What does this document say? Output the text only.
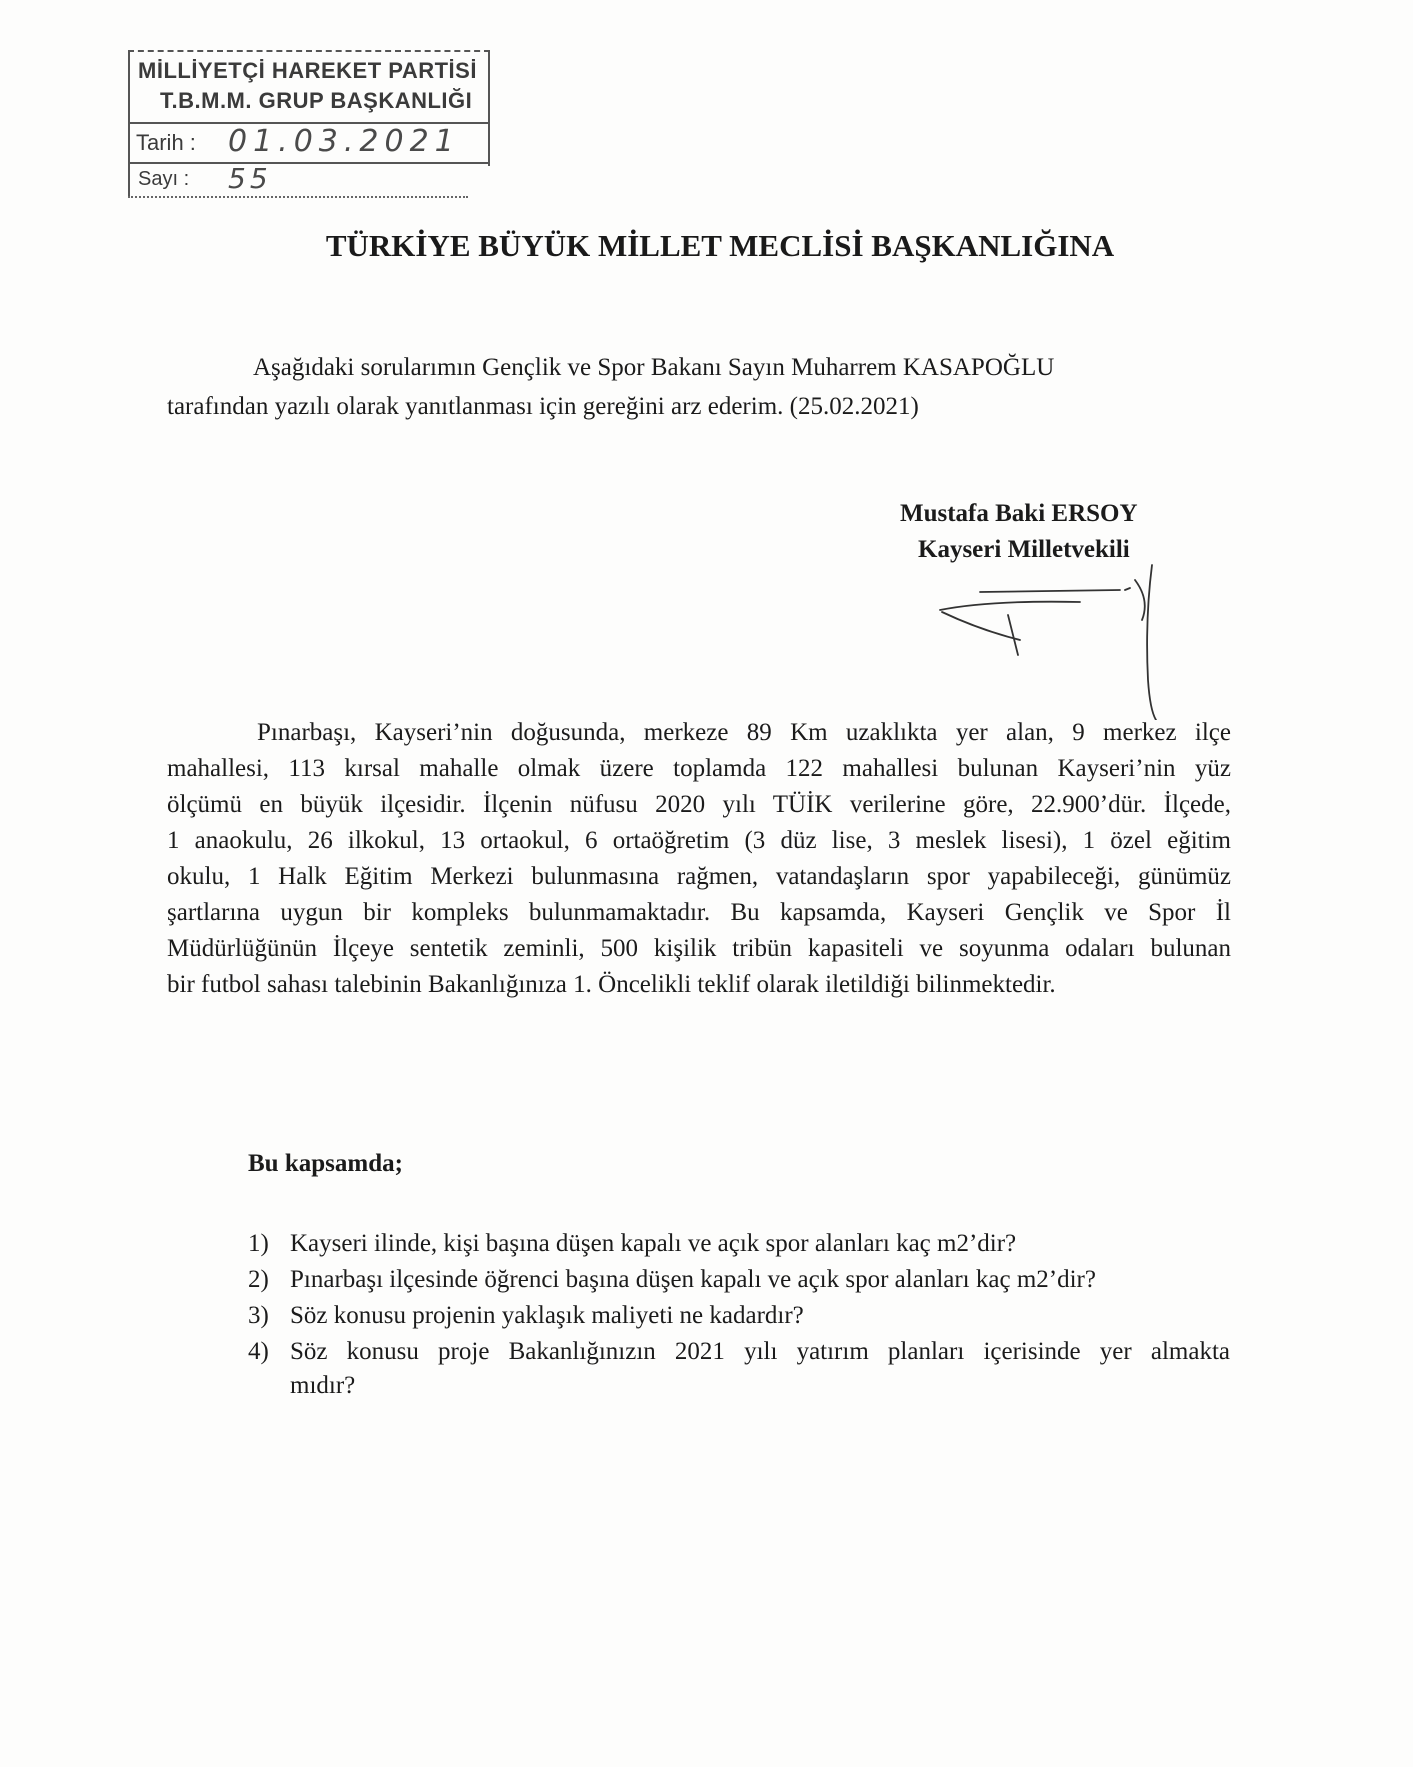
MİLLİYETÇİ HAREKET PARTİSİ
T.B.M.M. GRUP BAŞKANLIĞI
Tarih : 01.03.2021
Sayı : 55
TÜRKİYE BÜYÜK MİLLET MECLİSİ BAŞKANLIĞINA
Aşağıdaki sorularımın Gençlik ve Spor Bakanı Sayın Muharrem KASAPOĞLU
tarafından yazılı olarak yanıtlanması için gereğini arz ederim. (25.02.2021)
Mustafa Baki ERSOY
Kayseri Milletvekili
Pınarbaşı, Kayseri’nin doğusunda, merkeze 89 Km uzaklıkta yer alan, 9 merkez ilçe
mahallesi, 113 kırsal mahalle olmak üzere toplamda 122 mahallesi bulunan Kayseri’nin yüz
ölçümü en büyük ilçesidir. İlçenin nüfusu 2020 yılı TÜİK verilerine göre, 22.900’dür. İlçede,
1 anaokulu, 26 ilkokul, 13 ortaokul, 6 ortaöğretim (3 düz lise, 3 meslek lisesi), 1 özel eğitim
okulu, 1 Halk Eğitim Merkezi bulunmasına rağmen, vatandaşların spor yapabileceği, günümüz
şartlarına uygun bir kompleks bulunmamaktadır. Bu kapsamda, Kayseri Gençlik ve Spor İl
Müdürlüğünün İlçeye sentetik zeminli, 500 kişilik tribün kapasiteli ve soyunma odaları bulunan
bir futbol sahası talebinin Bakanlığınıza 1. Öncelikli teklif olarak iletildiği bilinmektedir.
Bu kapsamda;
1) Kayseri ilinde, kişi başına düşen kapalı ve açık spor alanları kaç m2’dir?
2) Pınarbaşı ilçesinde öğrenci başına düşen kapalı ve açık spor alanları kaç m2’dir?
3) Söz konusu projenin yaklaşık maliyeti ne kadardır?
4) Söz konusu proje Bakanlığınızın 2021 yılı yatırım planları içerisinde yer almakta
mıdır?
